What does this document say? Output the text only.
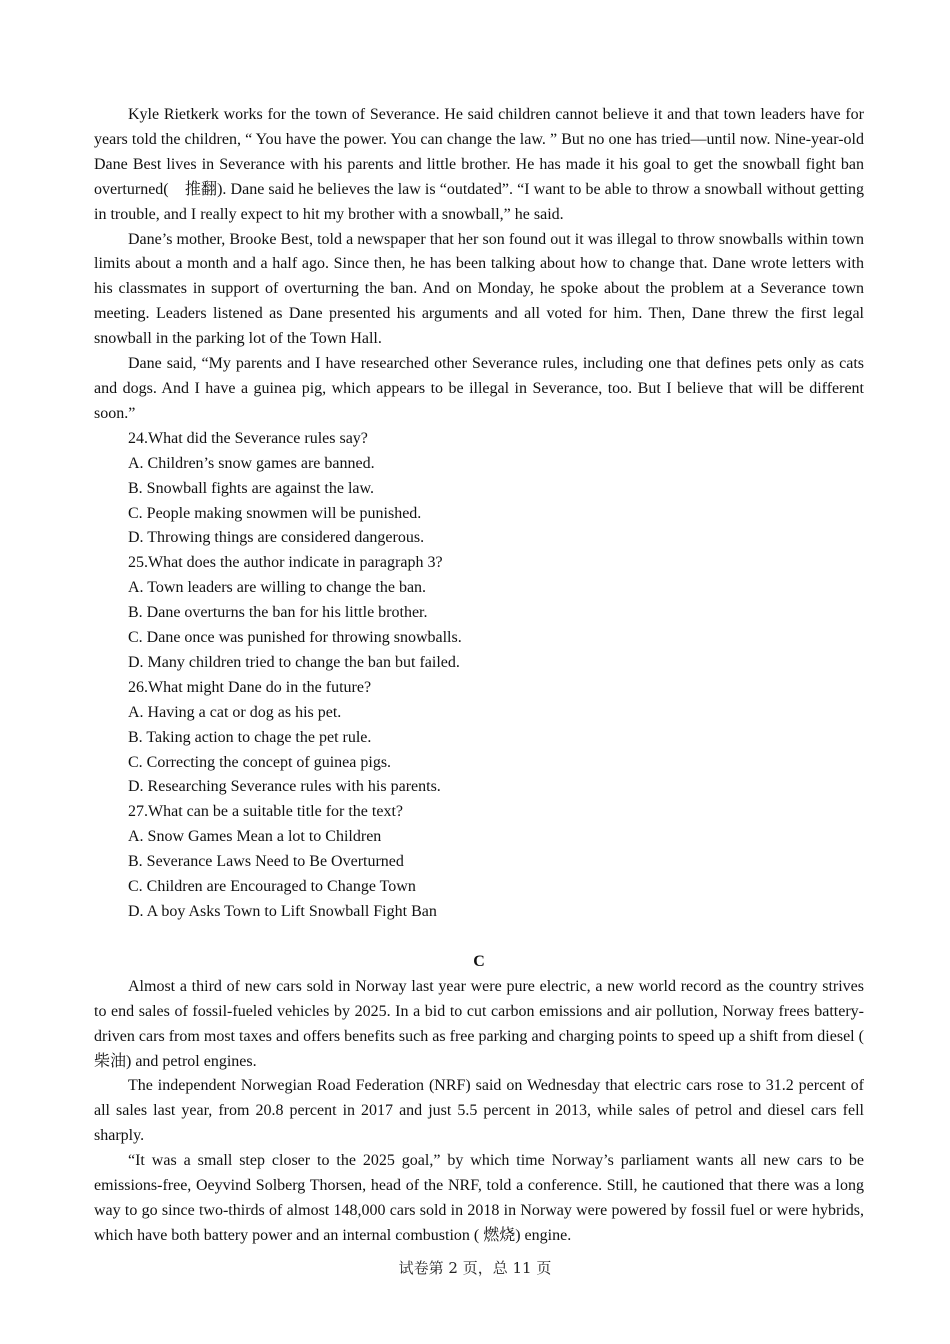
Kyle Rietkerk works for the town of Severance. He said children cannot believe it and that town leaders have for years told the children, “ You have the power. You can change the law. ” But no one has tried—until now. Nine-year-old Dane Best lives in Severance with his parents and little brother. He has made it his goal to get the snowball fight ban overturned(　推翻). Dane said he believes the law is “outdated”. “I want to be able to throw a snowball without getting in trouble, and I really expect to hit my brother with a snowball,” he said.

Dane’s mother, Brooke Best, told a newspaper that her son found out it was illegal to throw snowballs within town limits about a month and a half ago. Since then, he has been talking about how to change that. Dane wrote letters with his classmates in support of overturning the ban. And on Monday, he spoke about the problem at a Severance town meeting. Leaders listened as Dane presented his arguments and all voted for him. Then, Dane threw the first legal snowball in the parking lot of the Town Hall.

Dane said, “My parents and I have researched other Severance rules, including one that defines pets only as cats and dogs. And I have a guinea pig, which appears to be illegal in Severance, too. But I believe that will be different soon.”

24.What did the Severance rules say?

A. Children’s snow games are banned.

B. Snowball fights are against the law.

C. People making snowmen will be punished.

D. Throwing things are considered dangerous.

25.What does the author indicate in paragraph 3?

A. Town leaders are willing to change the ban.

B. Dane overturns the ban for his little brother.

C. Dane once was punished for throwing snowballs.

D. Many children tried to change the ban but failed.

26.What might Dane do in the future?

A. Having a cat or dog as his pet.

B. Taking action to chage the pet rule.

C. Correcting the concept of guinea pigs.

D. Researching Severance rules with his parents.

27.What can be a suitable title for the text?

A. Snow Games Mean a lot to Children

B. Severance Laws Need to Be Overturned

C. Children are Encouraged to Change Town

D. A boy Asks Town to Lift Snowball Fight Ban

C

Almost a third of new cars sold in Norway last year were pure electric, a new world record as the country strives to end sales of fossil-fueled vehicles by 2025. In a bid to cut carbon emissions and air pollution, Norway frees battery-driven cars from most taxes and offers benefits such as free parking and charging points to speed up a shift from diesel (　柴油) and petrol engines.

The independent Norwegian Road Federation (NRF) said on Wednesday that electric cars rose to 31.2 percent of all sales last year, from 20.8 percent in 2017 and just 5.5 percent in 2013, while sales of petrol and diesel cars fell sharply.

“It was a small step closer to the 2025 goal,” by which time Norway’s parliament wants all new cars to be emissions-free, Oeyvind Solberg Thorsen, head of the NRF, told a conference. Still, he cautioned that there was a long way to go since two-thirds of almost 148,000 cars sold in 2018 in Norway were powered by fossil fuel or were hybrids, which have both battery power and an internal combustion ( 燃烧) engine.

试卷第 2 页，总 11 页
